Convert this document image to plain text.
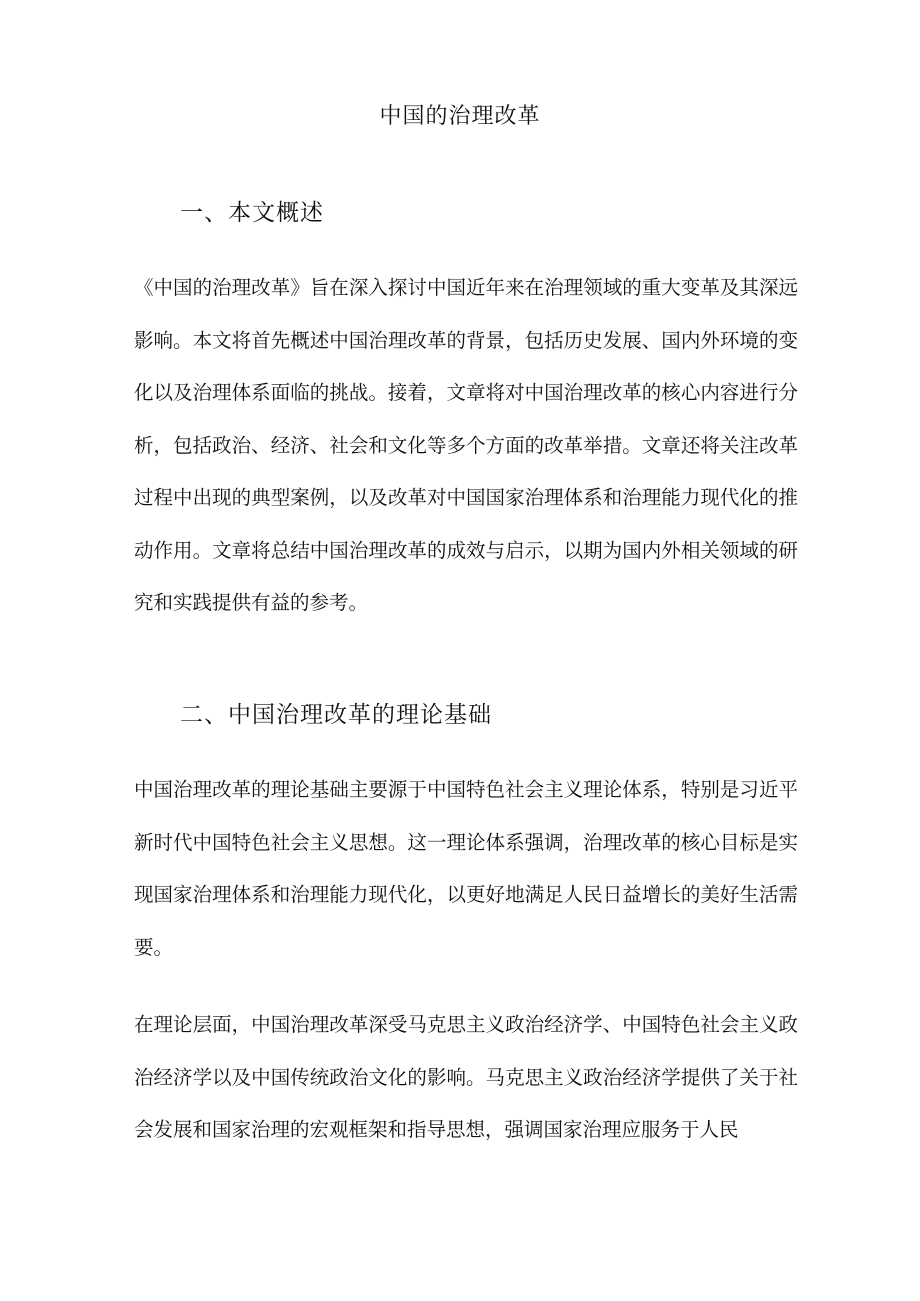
中国的治理改革
一、本文概述
《中国的治理改革》旨在深入探讨中国近年来在治理领域的重大变革及其深远影响。本文将首先概述中国治理改革的背景，包括历史发展、国内外环境的变化以及治理体系面临的挑战。接着，文章将对中国治理改革的核心内容进行分析，包括政治、经济、社会和文化等多个方面的改革举措。文章还将关注改革过程中出现的典型案例，以及改革对中国国家治理体系和治理能力现代化的推动作用。文章将总结中国治理改革的成效与启示，以期为国内外相关领域的研究和实践提供有益的参考。
二、中国治理改革的理论基础
中国治理改革的理论基础主要源于中国特色社会主义理论体系，特别是习近平新时代中国特色社会主义思想。这一理论体系强调，治理改革的核心目标是实现国家治理体系和治理能力现代化，以更好地满足人民日益增长的美好生活需要。
在理论层面，中国治理改革深受马克思主义政治经济学、中国特色社会主义政治经济学以及中国传统政治文化的影响。马克思主义政治经济学提供了关于社会发展和国家治理的宏观框架和指导思想，强调国家治理应服务于人民
